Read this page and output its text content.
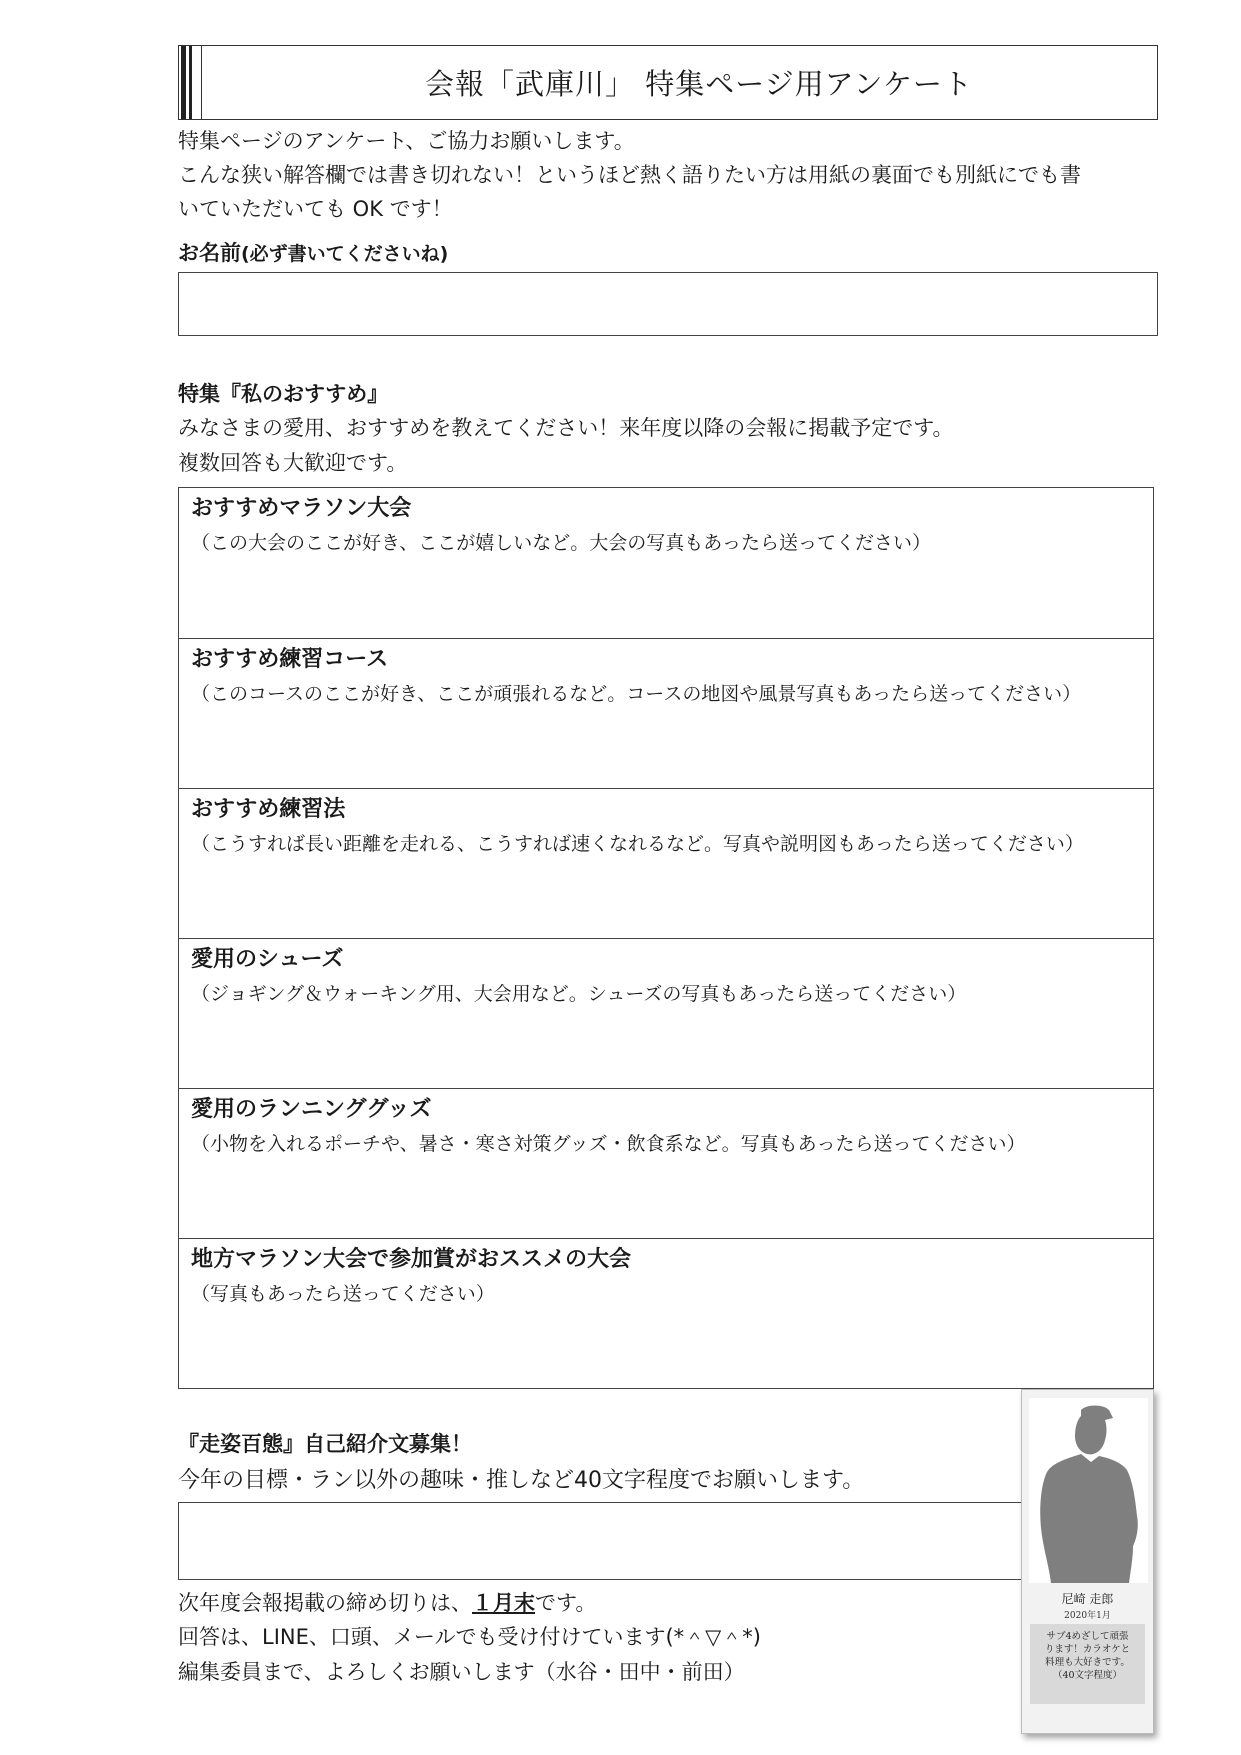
会報「武庫川」 特集ページ用アンケート
特集ページのアンケート、ご協力お願いします。
こんな狭い解答欄では書き切れない！というほど熱く語りたい方は用紙の裏面でも別紙にでも書
いていただいても OK です！
お名前(必ず書いてくださいね)
特集『私のおすすめ』
みなさまの愛用、おすすめを教えてください！来年度以降の会報に掲載予定です。
複数回答も大歓迎です。
おすすめマラソン大会
（この大会のここが好き、ここが嬉しいなど。大会の写真もあったら送ってください）
おすすめ練習コース
（このコースのここが好き、ここが頑張れるなど。コースの地図や風景写真もあったら送ってください）
おすすめ練習法
（こうすれば長い距離を走れる、こうすれば速くなれるなど。写真や説明図もあったら送ってください）
愛用のシューズ
（ジョギング＆ウォーキング用、大会用など。シューズの写真もあったら送ってください）
愛用のランニンググッズ
（小物を入れるポーチや、暑さ・寒さ対策グッズ・飲食系など。写真もあったら送ってください）
地方マラソン大会で参加賞がおススメの大会
（写真もあったら送ってください）
『走姿百態』自己紹介文募集！
今年の目標・ラン以外の趣味・推しなど40文字程度でお願いします。
次年度会報掲載の締め切りは、１月末です。
回答は、LINE、口頭、メールでも受け付けています(*＾▽＾*)
編集委員まで、よろしくお願いします（水谷・田中・前田）
尼崎 走郎
2020年1月
サブ4めざして頑張
ります！カラオケと
料理も大好きです。
（40文字程度）
